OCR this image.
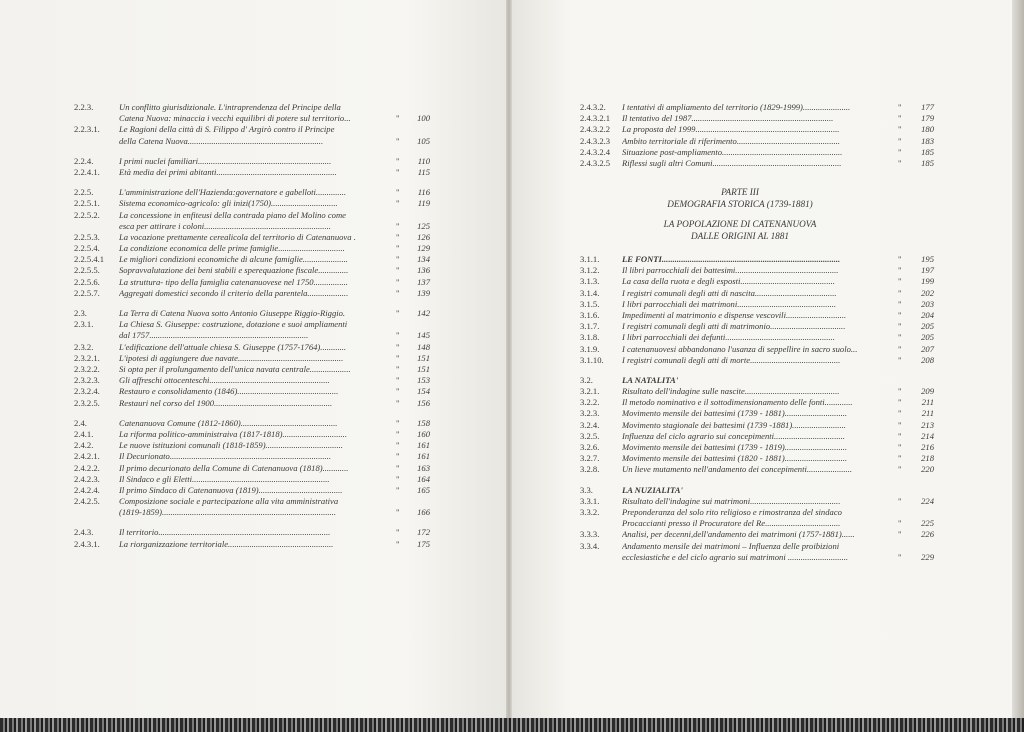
2.2.3.	Un conflitto giurisdizionale. L'intraprendenza del Principe della
Catena Nuova: minaccia i vecchi equilibri di potere sul territorio...	"	100
2.2.3.1. Le Ragioni della città di S. Filippo d' Argirò contro il Principe
della Catena Nuova...............................................................	"	105
2.2.4.	I primi nuclei familiari..............................................................	"	110
2.2.4.1. Età media dei primi abitanti........................................................	"	115
2.2.5.	L'amministrazione dell'Hazienda:governatore e gabelloti..............	"	116
2.2.5.1. Sistema economico-agricolo: gli inizi(1750)...............................	"	119
2.2.5.2. La concessione in enfiteusi della contrada piano del Molino come
esca per attirare i coloni...........................................................	"	125
2.2.5.3. La vocazione prettamente cerealicola del territorio di Catenanuova .	"	126
2.2.5.4. La condizione economica delle prime famiglie...............................	"	129
2.2.5.4.1 Le migliori condizioni economiche di alcune famiglie.....................	"	134
2.2.5.5. Sopravvalutazione dei beni stabili e sperequazione fiscale..............	"	136
2.2.5.6. La struttura- tipo della famiglia catenanuovese nel 1750................	"	137
2.2.5.7. Aggregati domestici secondo il criterio della parentela...................	"	139
2.3.	La Terra di Catena Nuova sotto Antonio Giuseppe Riggio-Riggio.	"	142
2.3.1.	La Chiesa S. Giuseppe: costruzione, dotazione e suoi ampliamenti
dal 1757..........................................................................	"	145
2.3.2.	L'edificazione dell'attuale chiesa S. Giuseppe (1757-1764)............	"	148
2.3.2.1. L'ipotesi di aggiungere due navate.................................................	"	151
2.3.2.2. Si opta per il prolungamento dell'unica navata centrale...................	"	151
2.3.2.3. Gli affreschi ottocenteschi........................................................	"	153
2.3.2.4. Restauro e consolidamento (1846)...............................................	"	154
2.3.2.5. Restauri nel corso del 1900.......................................................	"	156
2.4.	Catenanuova Comune (1812-1860).............................................	"	158
2.4.1.	La riforma politico-amministraiva (1817-1818)..............................	"	160
2.4.2.	Le nuove istituzioni comunali (1818-1859)....................................	"	161
2.4.2.1. Il Decurionato...........................................................................	"	161
2.4.2.2. Il primo decurionato della Comune di Catenanuova (1818)............	"	163
2.4.2.3. Il Sindaco e gli Eletti................................................................	"	164
2.4.2.4. Il primo Sindaco di Catenanuova (1819).......................................	"	165
2.4.2.5. Composizione sociale e partecipazione alla vita amministrativa
(1819-1859).................................................................................	"	166
2.4.3.	Il territorio................................................................................	"	172
2.4.3.1. La riorganizzazione territoriale.................................................	"	175
2.4.3.2. I tentativi di ampliamento del territorio (1829-1999)......................	"	177
2.4.3.2.1 Il tentativo del 1987..................................................................	"	179
2.4.3.2.2 La proposta del 1999...................................................................	"	180
2.4.3.2.3 Ambito territoriale di riferimento................................................	"	183
2.4.3.2.4 Situazione post-ampliamento........................................................	"	185
2.4.3.2.5 Riflessi sugli altri Comuni............................................................	"	185
PARTE III
DEMOGRAFIA STORICA (1739-1881)
LA POPOLAZIONE DI CATENANUOVA
DALLE ORIGINI AL 1881
3.1.1.	LE FONTI...................................................................................	"	195
3.1.2.	Il libri parrocchiali dei battesimi................................................	"	197
3.1.3.	La casa della ruota e degli esposti............................................	"	199
3.1.4.	I registri comunali degli atti di nascita......................................	"	202
3.1.5.	I libri parrocchiali dei matrimoni..............................................	"	203
3.1.6.	Impedimenti al matrimonio e dispense vescovili............................	"	204
3.1.7.	I registri comunali degli atti di matrimonio...................................	"	205
3.1.8.	I libri parrocchiali dei defunti...................................................	"	205
3.1.9.	I catenanuovesi abbandonano l'usanza di seppellire in sacro suolo...	"	207
3.1.10. I registri comunali degli atti di morte..........................................	"	208
3.2.	LA NATALITA'
3.2.1.	Risultato dell'indagine sulle nascite............................................	"	209
3.2.2.	Il metodo nominativo e il sottodimensionamento delle fonti.............	"	211
3.2.3.	Movimento mensile dei battesimi (1739 - 1881).............................	"	211
3.2.4.	Movimento stagionale dei battesimi (1739 -1881).........................	"	213
3.2.5.	Influenza del ciclo agrario sui concepimenti.................................	"	214
3.2.6.	Movimento mensile dei battesimi (1739 - 1819).............................	"	216
3.2.7.	Movimento mensile dei battesimi (1820 - 1881).............................	"	218
3.2.8.	Un lieve mutamento nell'andamento dei concepimenti.....................	"	220
3.3.	LA NUZIALITA'
3.3.1.	Risultato dell'indagine sui matrimoni..........................................	"	224
3.3.2.	Preponderanza del solo rito religioso e rimostranza del sindaco
Procaccianti presso il Procuratore del Re...................................	"	225
3.3.3.	Analisi, per decenni,dell'andamento dei matrimoni (1757-1881)......	"	226
3.3.4.	Andamento mensile dei matrimoni – Influenza delle proibizioni
ecclesiastiche e del ciclo agrario sui matrimoni ............................	"	229
